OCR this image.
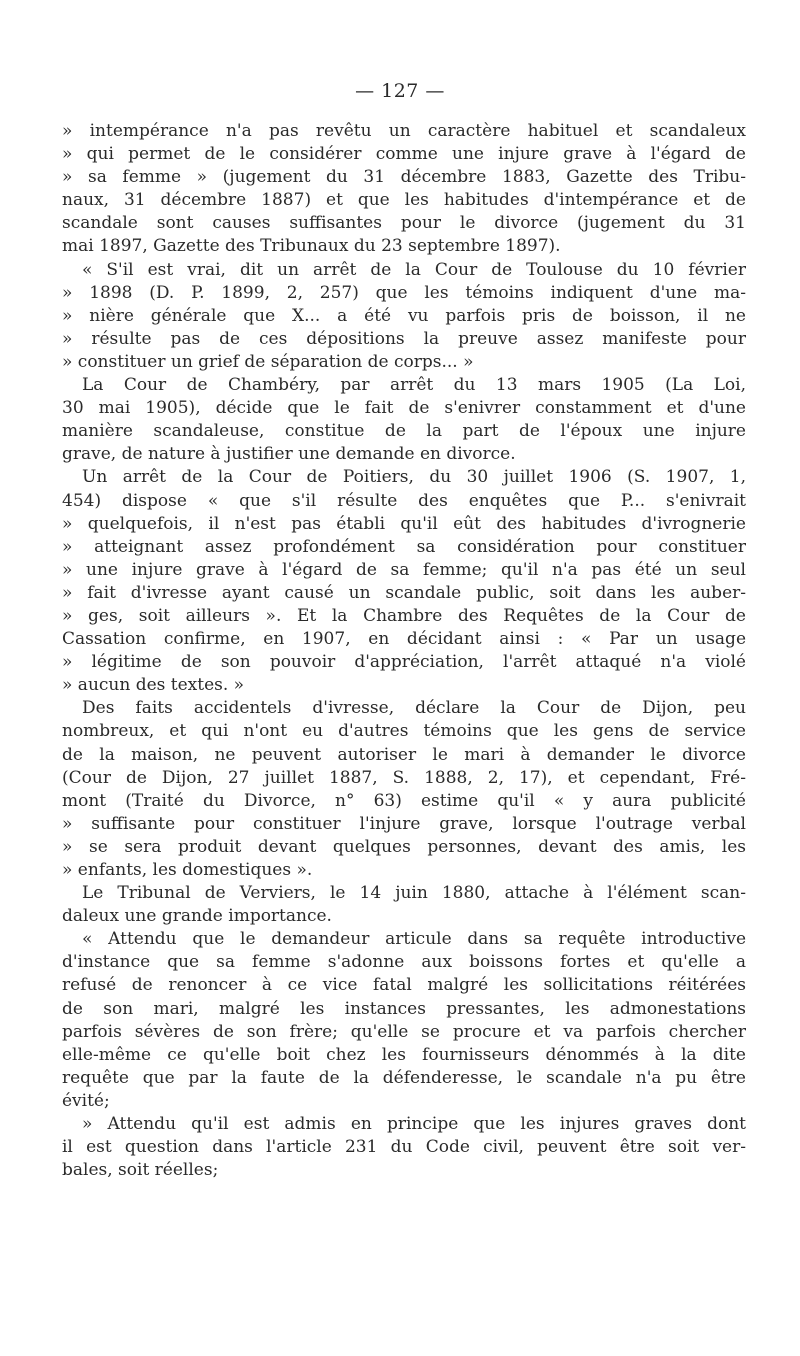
— 127 —
» intempérance n'a pas revêtu un caractère habituel et scandaleux
» qui permet de le considérer comme une injure grave à l'égard de
» sa femme » (jugement du 31 décembre 1883, Gazette des Tribu-
naux, 31 décembre 1887) et que les habitudes d'intempérance et de
scandale sont causes suffisantes pour le divorce (jugement du 31
mai 1897, Gazette des Tribunaux du 23 septembre 1897).
« S'il est vrai, dit un arrêt de la Cour de Toulouse du 10 février
» 1898 (D. P. 1899, 2, 257) que les témoins indiquent d'une ma-
» nière générale que X... a été vu parfois pris de boisson, il ne
» résulte pas de ces dépositions la preuve assez manifeste pour
» constituer un grief de séparation de corps... »
La Cour de Chambéry, par arrêt du 13 mars 1905 (La Loi,
30 mai 1905), décide que le fait de s'enivrer constamment et d'une
manière scandaleuse, constitue de la part de l'époux une injure
grave, de nature à justifier une demande en divorce.
Un arrêt de la Cour de Poitiers, du 30 juillet 1906 (S. 1907, 1,
454) dispose « que s'il résulte des enquêtes que P... s'enivrait
» quelquefois, il n'est pas établi qu'il eût des habitudes d'ivrognerie
» atteignant assez profondément sa considération pour constituer
» une injure grave à l'égard de sa femme; qu'il n'a pas été un seul
» fait d'ivresse ayant causé un scandale public, soit dans les auber-
» ges, soit ailleurs ». Et la Chambre des Requêtes de la Cour de
Cassation confirme, en 1907, en décidant ainsi : « Par un usage
» légitime de son pouvoir d'appréciation, l'arrêt attaqué n'a violé
» aucun des textes. »
Des faits accidentels d'ivresse, déclare la Cour de Dijon, peu
nombreux, et qui n'ont eu d'autres témoins que les gens de service
de la maison, ne peuvent autoriser le mari à demander le divorce
(Cour de Dijon, 27 juillet 1887, S. 1888, 2, 17), et cependant, Fré-
mont (Traité du Divorce, n° 63) estime qu'il « y aura publicité
» suffisante pour constituer l'injure grave, lorsque l'outrage verbal
» se sera produit devant quelques personnes, devant des amis, les
» enfants, les domestiques ».
Le Tribunal de Verviers, le 14 juin 1880, attache à l'élément scan-
daleux une grande importance.
« Attendu que le demandeur articule dans sa requête introductive
d'instance que sa femme s'adonne aux boissons fortes et qu'elle a
refusé de renoncer à ce vice fatal malgré les sollicitations réitérées
de son mari, malgré les instances pressantes, les admonestations
parfois sévères de son frère; qu'elle se procure et va parfois chercher
elle-même ce qu'elle boit chez les fournisseurs dénommés à la dite
requête que par la faute de la défenderesse, le scandale n'a pu être
évité;
» Attendu qu'il est admis en principe que les injures graves dont
il est question dans l'article 231 du Code civil, peuvent être soit ver-
bales, soit réelles;
